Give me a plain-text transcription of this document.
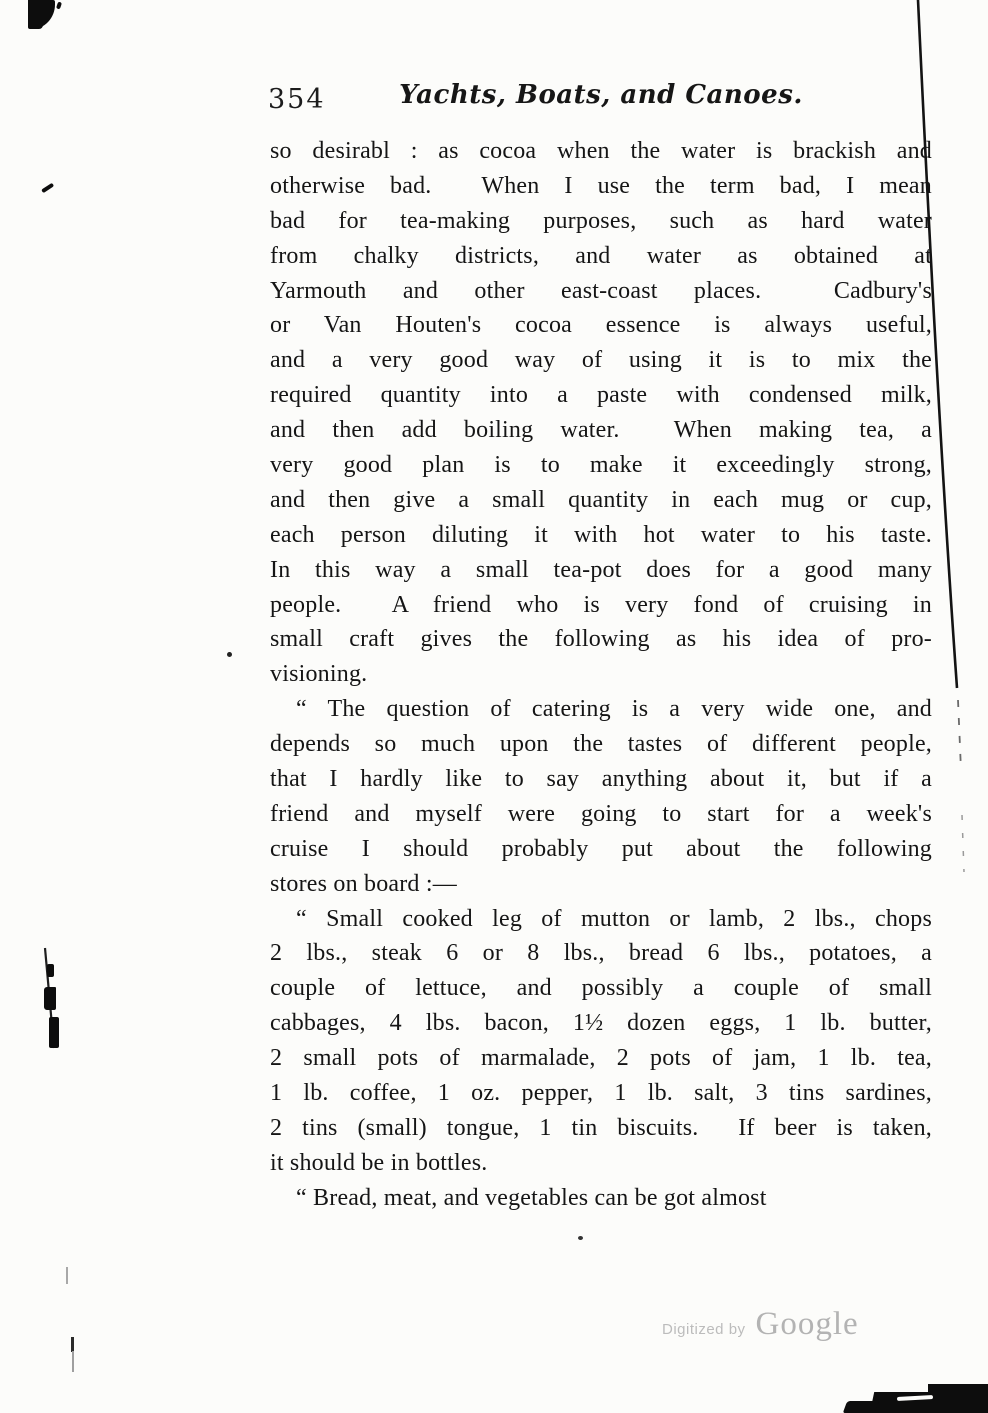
354	Yachts, Boats, and Canoes.
so desirabl : as cocoa when the water is brackish and
otherwise bad.  When I use the term bad, I mean
bad for tea-making purposes, such as hard water
from chalky districts, and water as obtained at
Yarmouth and other east-coast places.  Cadbury's
or Van Houten's cocoa essence is always useful,
and a very good way of using it is to mix the
required quantity into a paste with condensed milk,
and then add boiling water.  When making tea, a
very good plan is to make it exceedingly strong,
and then give a small quantity in each mug or cup,
each person diluting it with hot water to his taste.
In this way a small tea-pot does for a good many
people.  A friend who is very fond of cruising in
small craft gives the following as his idea of pro-
visioning.
“ The question of catering is a very wide one, and
depends so much upon the tastes of different people,
that I hardly like to say anything about it, but if a
friend and myself were going to start for a week's
cruise I should probably put about the following
stores on board :—
“ Small cooked leg of mutton or lamb, 2 lbs., chops
2 lbs., steak 6 or 8 lbs., bread 6 lbs., potatoes, a
couple of lettuce, and possibly a couple of small
cabbages, 4 lbs. bacon, 1½ dozen eggs, 1 lb. butter,
2 small pots of marmalade, 2 pots of jam, 1 lb. tea,
1 lb. coffee, 1 oz. pepper, 1 lb. salt, 3 tins sardines,
2 tins (small) tongue, 1 tin biscuits.  If beer is taken,
it should be in bottles.
“ Bread, meat, and vegetables can be got almost
Digitized by Google
